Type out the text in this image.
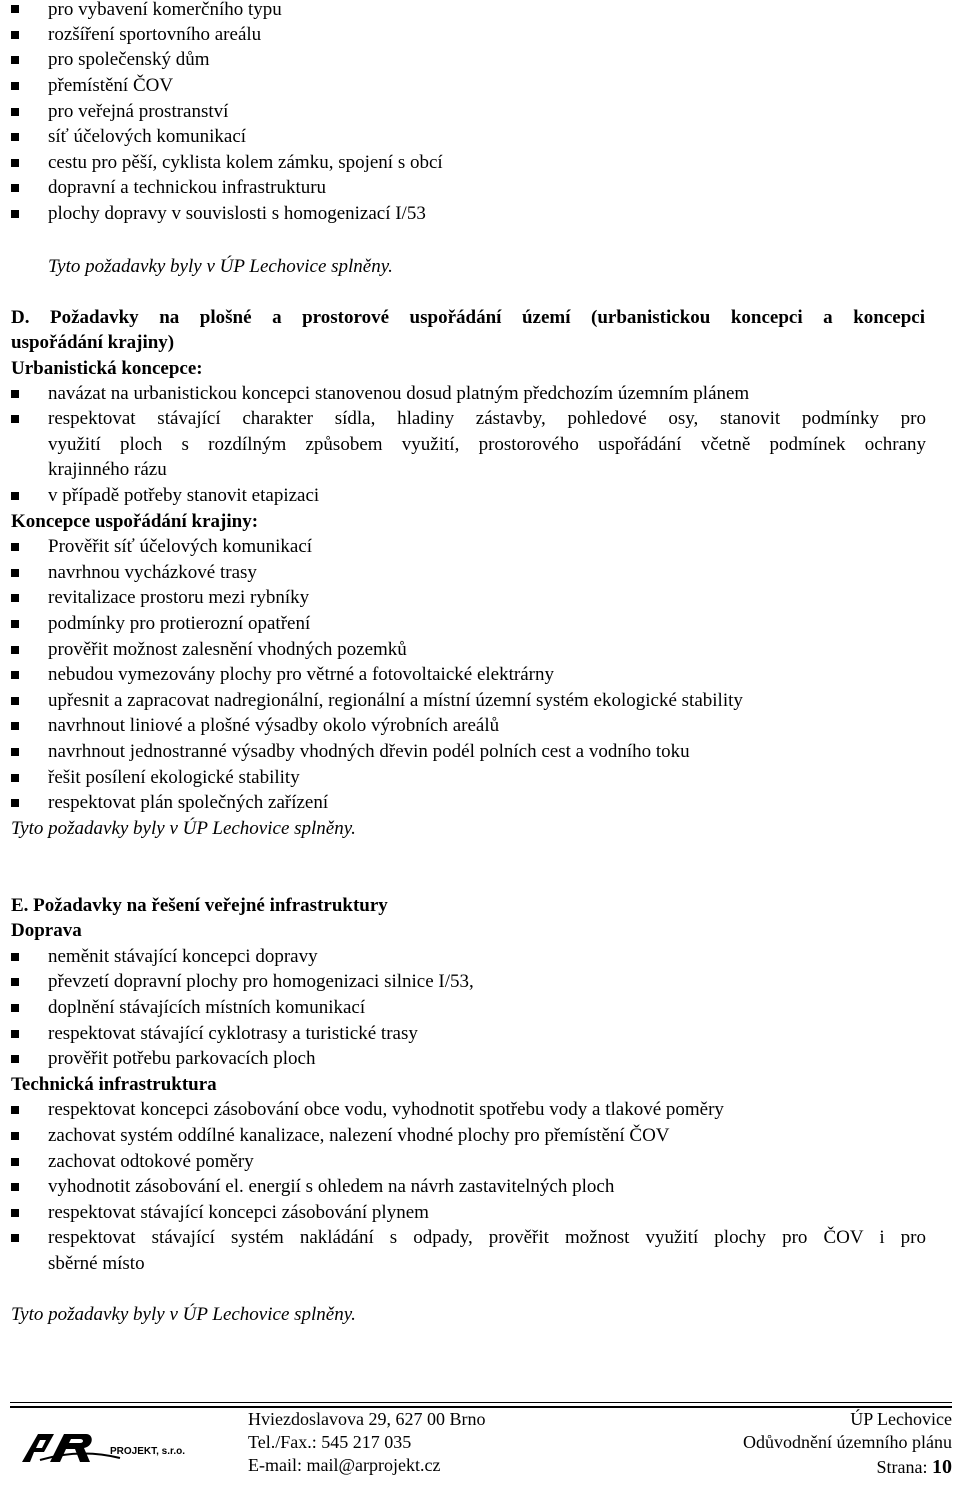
pro vybavení komerčního typu
rozšíření sportovního areálu
pro společenský dům
přemístění ČOV
pro veřejná prostranství
síť účelových komunikací
cestu pro pěší, cyklista kolem zámku, spojení s obcí
dopravní a technickou infrastrukturu
plochy dopravy v souvislosti s homogenizací I/53
Tyto požadavky byly v ÚP Lechovice splněny.
D. Požadavky na plošné a prostorové uspořádání území (urbanistickou koncepci a koncepci
uspořádání krajiny)
Urbanistická koncepce:
navázat na urbanistickou koncepci stanovenou dosud platným předchozím územním plánem
respektovat stávající charakter sídla, hladiny zástavby, pohledové osy, stanovit podmínky pro
využití ploch s rozdílným způsobem využití, prostorového uspořádání včetně podmínek ochrany
krajinného rázu
v případě potřeby stanovit etapizaci
Koncepce uspořádání krajiny:
Prověřit síť účelových komunikací
navrhnou vycházkové trasy
revitalizace prostoru mezi rybníky
podmínky pro protierozní opatření
prověřit možnost zalesnění vhodných pozemků
nebudou vymezovány plochy pro větrné a fotovoltaické elektrárny
upřesnit a zapracovat nadregionální, regionální a místní územní systém ekologické stability
navrhnout liniové a plošné výsadby okolo výrobních areálů
navrhnout jednostranné výsadby vhodných dřevin podél polních cest a vodního toku
řešit posílení ekologické stability
respektovat plán společných zařízení
Tyto požadavky byly v ÚP Lechovice splněny.
E. Požadavky na řešení veřejné infrastruktury
Doprava
neměnit stávající koncepci dopravy
převzetí dopravní plochy pro homogenizaci silnice I/53,
doplnění stávajících místních komunikací
respektovat stávající cyklotrasy a turistické trasy
prověřit potřebu parkovacích ploch
Technická infrastruktura
respektovat koncepci zásobování obce vodu, vyhodnotit spotřebu vody a tlakové poměry
zachovat systém oddílné kanalizace, nalezení vhodné plochy pro přemístění ČOV
zachovat odtokové poměry
vyhodnotit zásobování el. energií s ohledem na návrh zastavitelných ploch
respektovat stávající koncepci zásobování plynem
respektovat stávající systém nakládání s odpady, prověřit možnost využití plochy pro ČOV i pro
sběrné místo
Tyto požadavky byly v ÚP Lechovice splněny.
PROJEKT, s.r.o.
Hviezdoslavova 29, 627 00 Brno
Tel./Fax.: 545 217 035
E-mail: mail@arprojekt.cz
ÚP Lechovice
Odůvodnění územního plánu
Strana: 10
